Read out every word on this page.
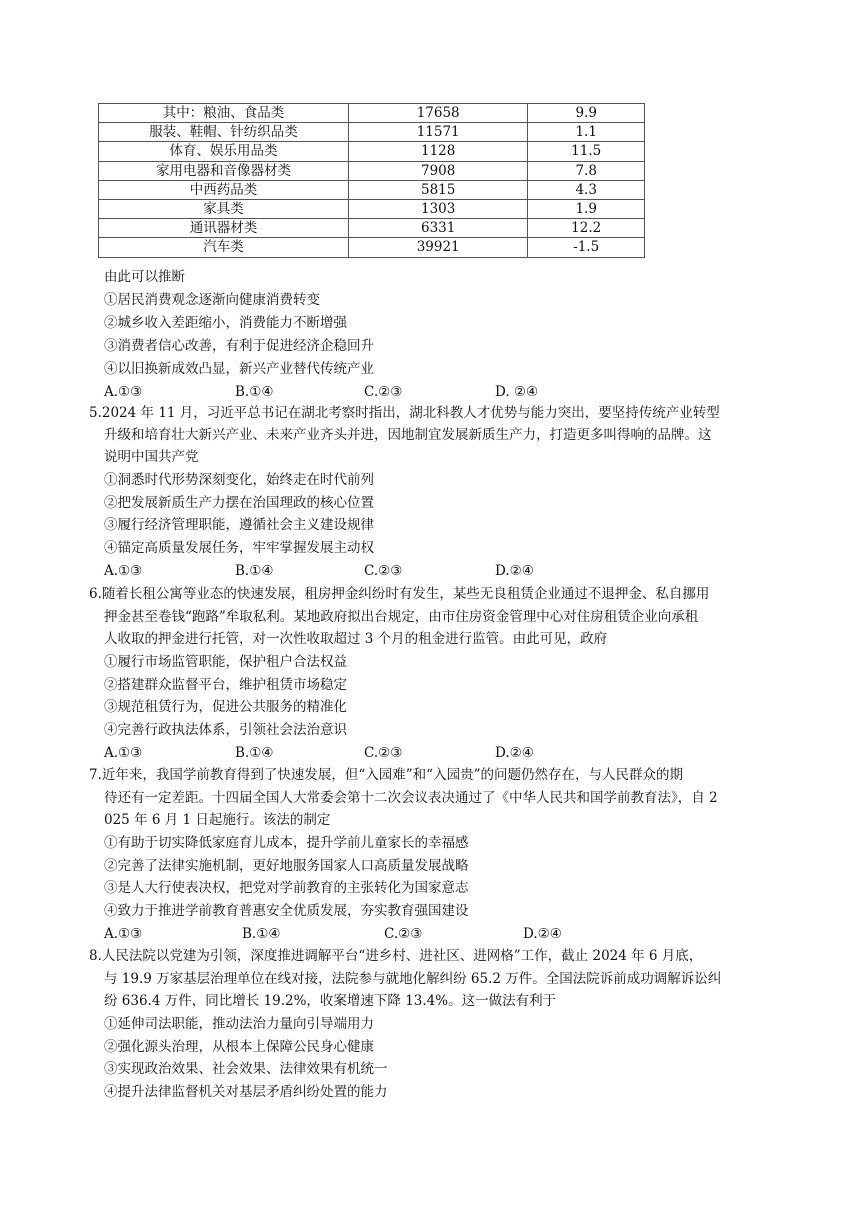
其中：粮油、食品类	17658	9.9
服装、鞋帽、针纺织品类	11571	1.1
体育、娱乐用品类	1128	11.5
家用电器和音像器材类	7908	7.8
中西药品类	5815	4.3
家具类	1303	1.9
通讯器材类	6331	12.2
汽车类	39921	-1.5
由此可以推断
①居民消费观念逐渐向健康消费转变
②城乡收入差距缩小，消费能力不断增强
③消费者信心改善，有利于促进经济企稳回升
④以旧换新成效凸显，新兴产业替代传统产业
A.①③	B.①④	C.②③	D. ②④
5.2024 年 11 月，习近平总书记在湖北考察时指出，湖北科教人才优势与能力突出，要坚持传统产业转型
升级和培育壮大新兴产业、未来产业齐头并进，因地制宜发展新质生产力，打造更多叫得响的品牌。这
说明中国共产党
①洞悉时代形势深刻变化，始终走在时代前列
②把发展新质生产力摆在治国理政的核心位置
③履行经济管理职能，遵循社会主义建设规律
④锚定高质量发展任务，牢牢掌握发展主动权
A.①③	B.①④	C.②③	D.②④
6.随着长租公寓等业态的快速发展，租房押金纠纷时有发生，某些无良租赁企业通过不退押金、私自挪用
押金甚至卷钱“跑路”牟取私利。某地政府拟出台规定，由市住房资金管理中心对住房租赁企业向承租
人收取的押金进行托管，对一次性收取超过 3 个月的租金进行监管。由此可见，政府
①履行市场监管职能，保护租户合法权益
②搭建群众监督平台，维护租赁市场稳定
③规范租赁行为，促进公共服务的精准化
④完善行政执法体系，引领社会法治意识
A.①③	B.①④	C.②③	D.②④
7.近年来，我国学前教育得到了快速发展，但“入园难”和“入园贵”的问题仍然存在，与人民群众的期
待还有一定差距。十四届全国人大常委会第十二次会议表决通过了《中华人民共和国学前教育法》，自 2
025 年 6 月 1 日起施行。该法的制定
①有助于切实降低家庭育儿成本，提升学前儿童家长的幸福感
②完善了法律实施机制，更好地服务国家人口高质量发展战略
③是人大行使表决权，把党对学前教育的主张转化为国家意志
④致力于推进学前教育普惠安全优质发展，夯实教育强国建设
A.①③	B.①④	C.②③	D.②④
8.人民法院以党建为引领，深度推进调解平台“进乡村、进社区、进网格”工作，截止 2024 年 6 月底，
与 19.9 万家基层治理单位在线对接，法院参与就地化解纠纷 65.2 万件。全国法院诉前成功调解诉讼纠
纷 636.4 万件，同比增长 19.2%，收案增速下降 13.4%。这一做法有利于
①延伸司法职能，推动法治力量向引导端用力
②强化源头治理，从根本上保障公民身心健康
③实现政治效果、社会效果、法律效果有机统一
④提升法律监督机关对基层矛盾纠纷处置的能力
